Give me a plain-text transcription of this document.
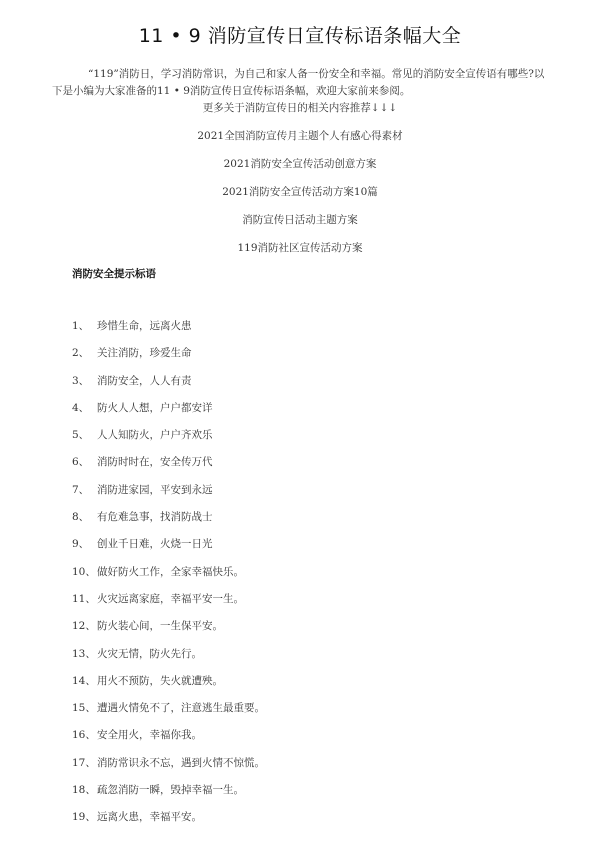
11 • 9 消防宣传日宣传标语条幅大全

“119”消防日，学习消防常识，为自己和家人备一份安全和幸福。常见的消防安全宣传语有哪些?以下是小编为大家准备的11 • 9消防宣传日宣传标语条幅，欢迎大家前来参阅。

更多关于消防宣传日的相关内容推荐↓↓↓
2021全国消防宣传月主题个人有感心得素材
2021消防安全宣传活动创意方案
2021消防安全宣传活动方案10篇
消防宣传日活动主题方案
119消防社区宣传活动方案
消防安全提示标语
1、 珍惜生命，远离火患
2、 关注消防，珍爱生命
3、 消防安全，人人有责
4、 防火人人想，户户都安详
5、 人人知防火，户户齐欢乐
6、 消防时时在，安全传万代
7、 消防进家园，平安到永远
8、 有危难急事，找消防战士
9、 创业千日难，火烧一日光
10、做好防火工作，全家幸福快乐。
11、火灾远离家庭，幸福平安一生。
12、防火装心间，一生保平安。
13、火灾无情，防火先行。
14、用火不预防，失火就遭殃。
15、遭遇火情免不了，注意逃生最重要。
16、安全用火，幸福你我。
17、消防常识永不忘，遇到火情不惊慌。
18、疏忽消防一瞬，毁掉幸福一生。
19、远离火患，幸福平安。
